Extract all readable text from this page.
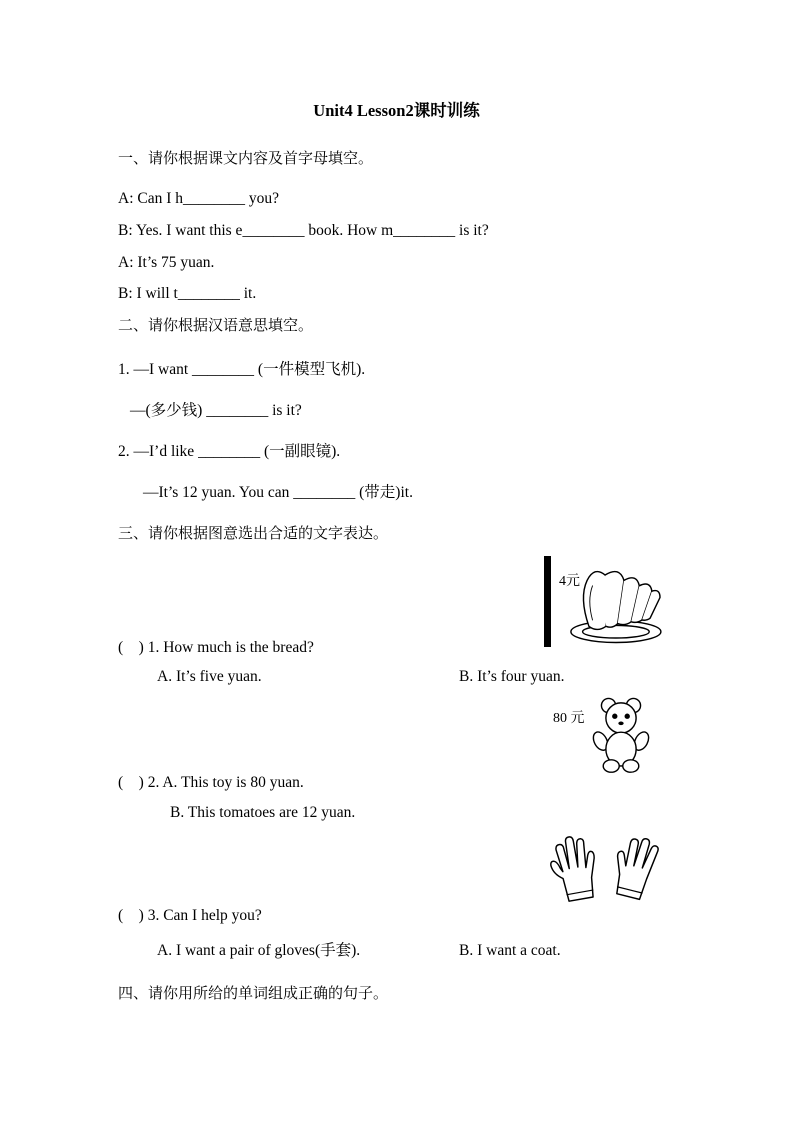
Unit4 Lesson2课时训练
一、请你根据课文内容及首字母填空。
A: Can I h________ you?
B: Yes. I want this e________ book. How m________ is it?
A: It’s 75 yuan.
B: I will t________ it.
二、请你根据汉语意思填空。
1. —I want ________ (一件模型飞机).
—(多少钱) ________ is it?
2. —I’d like ________ (一副眼镜).
—It’s 12 yuan. You can ________ (带走)it.
三、请你根据图意选出合适的文字表达。
4元
(    ) 1. How much is the bread?
A. It’s five yuan.	B. It’s four yuan.
80 元
(    ) 2. A. This toy is 80 yuan.
B. This tomatoes are 12 yuan.
(    ) 3. Can I help you?
A. I want a pair of gloves(手套).	B. I want a coat.
四、请你用所给的单词组成正确的句子。
